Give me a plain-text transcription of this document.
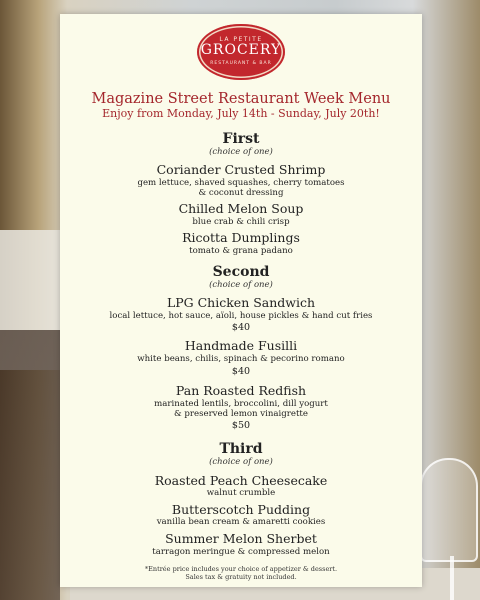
LA PETITE
GROCERY
RESTAURANT & BAR
Magazine Street Restaurant Week Menu
Enjoy from Monday, July 14th - Sunday, July 20th!
First
(choice of one)
Coriander Crusted Shrimp
gem lettuce, shaved squashes, cherry tomatoes
& coconut dressing
Chilled Melon Soup
blue crab & chili crisp
Ricotta Dumplings
tomato & grana padano
Second
(choice of one)
LPG Chicken Sandwich
local lettuce, hot sauce, aïoli, house pickles & hand cut fries
$40
Handmade Fusilli
white beans, chilis, spinach & pecorino romano
$40
Pan Roasted Redfish
marinated lentils, broccolini, dill yogurt
& preserved lemon vinaigrette
$50
Third
(choice of one)
Roasted Peach Cheesecake
walnut crumble
Butterscotch Pudding
vanilla bean cream & amaretti cookies
Summer Melon Sherbet
tarragon meringue & compressed melon
*Entrée price includes your choice of appetizer & dessert.
Sales tax & gratuity not included.
